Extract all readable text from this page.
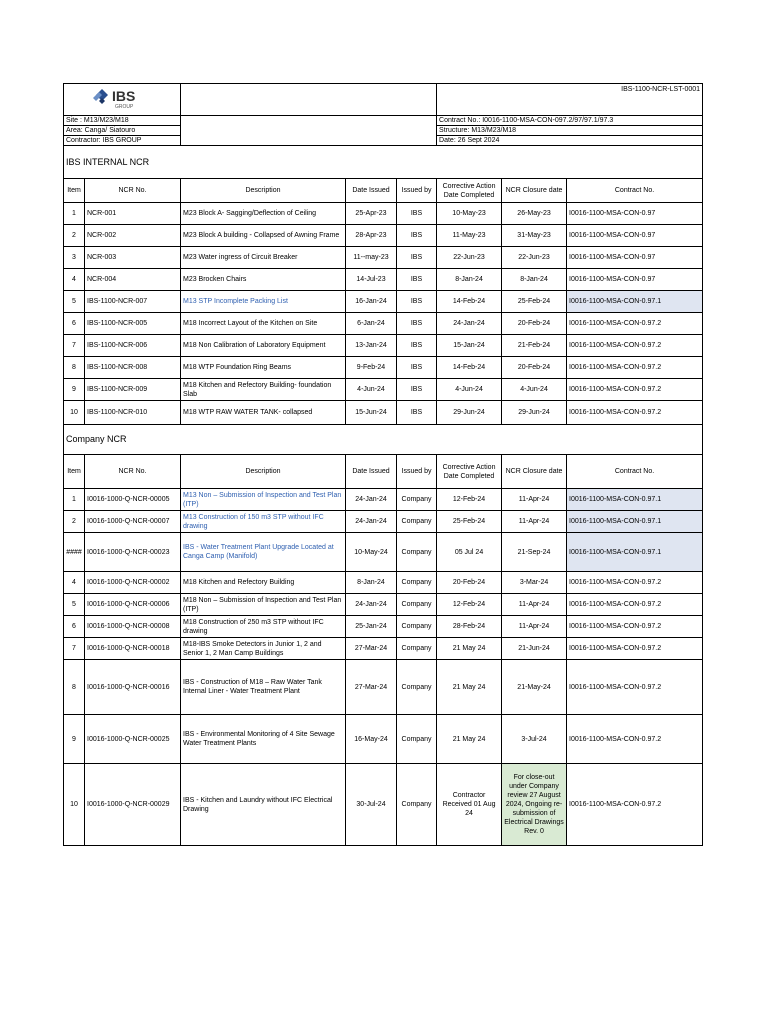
IBS
GROUP					IBS-1100-NCR-LST-0001		
Site : M13/M23/M18					Contract No.: I0016-1100-MSA-CON-097.2/97/97.1/97.3		
Area: Canga/ Siatouro					Structure: M13/M23/M18		
Contractor: IBS GROUP					Date: 26 Sept 2024		
IBS INTERNAL NCR							
Item	NCR No.	Description	Date Issued	Issued by	Corrective Action Date Completed	NCR Closure date	Contract No.
1	NCR-001	M23 Block A- Sagging/Deflection of Ceiling	25-Apr-23	IBS	10-May-23	26-May-23	I0016-1100-MSA-CON-0.97
2	NCR-002	M23 Block A building - Collapsed of Awning Frame	28-Apr-23	IBS	11-May-23	31-May-23	I0016-1100-MSA-CON-0.97
3	NCR-003	M23 Water ingress of Circuit Breaker	11--may-23	IBS	22-Jun-23	22-Jun-23	I0016-1100-MSA-CON-0.97
4	NCR-004	M23 Brocken Chairs	14-Jul-23	IBS	8-Jan-24	8-Jan-24	I0016-1100-MSA-CON-0.97
5	IBS-1100-NCR-007	M13 STP Incomplete Packing List	16-Jan-24	IBS	14-Feb-24	25-Feb-24	I0016-1100-MSA-CON-0.97.1
6	IBS-1100-NCR-005	M18 Incorrect Layout of the Kitchen on Site	6-Jan-24	IBS	24-Jan-24	20-Feb-24	I0016-1100-MSA-CON-0.97.2
7	IBS-1100-NCR-006	M18 Non Calibration of Laboratory Equipment	13-Jan-24	IBS	15-Jan-24	21-Feb-24	I0016-1100-MSA-CON-0.97.2
8	IBS-1100-NCR-008	M18 WTP Foundation Ring Beams	9-Feb-24	IBS	14-Feb-24	20-Feb-24	I0016-1100-MSA-CON-0.97.2
9	IBS-1100-NCR-009	M18 Kitchen and Refectory Building- foundation Slab	4-Jun-24	IBS	4-Jun-24	4-Jun-24	I0016-1100-MSA-CON-0.97.2
10	IBS-1100-NCR-010	M18 WTP RAW WATER TANK- collapsed	15-Jun-24	IBS	29-Jun-24	29-Jun-24	I0016-1100-MSA-CON-0.97.2
Company NCR							
Item	NCR No.	Description	Date Issued	Issued by	Corrective Action Date Completed	NCR Closure date	Contract No.
1	I0016-1000-Q-NCR-00005	M13 Non – Submission of Inspection and Test Plan (ITP)	24-Jan-24	Company	12-Feb-24	11-Apr-24	I0016-1100-MSA-CON-0.97.1
2	I0016-1000-Q-NCR-00007	M13 Construction of 150 m3 STP without IFC drawing	24-Jan-24	Company	25-Feb-24	11-Apr-24	I0016-1100-MSA-CON-0.97.1
####	I0016-1000-Q-NCR-00023	IBS - Water Treatment Plant Upgrade Located at Canga Camp (Manifold)	10-May-24	Company	05 Jul 24	21-Sep-24	I0016-1100-MSA-CON-0.97.1
4	I0016-1000-Q-NCR-00002	M18 Kitchen and Refectory Building	8-Jan-24	Company	20-Feb-24	3-Mar-24	I0016-1100-MSA-CON-0.97.2
5	I0016-1000-Q-NCR-00006	M18 Non – Submission of Inspection and Test Plan (ITP)	24-Jan-24	Company	12-Feb-24	11-Apr-24	I0016-1100-MSA-CON-0.97.2
6	I0016-1000-Q-NCR-00008	M18 Construction of 250 m3 STP without IFC drawing	25-Jan-24	Company	28-Feb-24	11-Apr-24	I0016-1100-MSA-CON-0.97.2
7	I0016-1000-Q-NCR-00018	M18-IBS Smoke Detectors in Junior 1, 2 and Senior 1, 2 Man Camp Buildings	27-Mar-24	Company	21 May 24	21-Jun-24	I0016-1100-MSA-CON-0.97.2
8	I0016-1000-Q-NCR-00016	IBS - Construction of M18 – Raw Water Tank Internal Liner - Water Treatment Plant	27-Mar-24	Company	21 May 24	21-May-24	I0016-1100-MSA-CON-0.97.2
9	I0016-1000-Q-NCR-00025	IBS - Environmental Monitoring of 4 Site Sewage Water Treatment Plants	16-May-24	Company	21 May 24	3-Jul-24	I0016-1100-MSA-CON-0.97.2
10	I0016-1000-Q-NCR-00029	IBS - Kitchen and Laundry without IFC Electrical Drawing	30-Jul-24	Company	Contractor Received 01 Aug 24	For close-out under Company review 27 August 2024, Ongoing re-submission of Electrical Drawings Rev. 0	I0016-1100-MSA-CON-0.97.2
